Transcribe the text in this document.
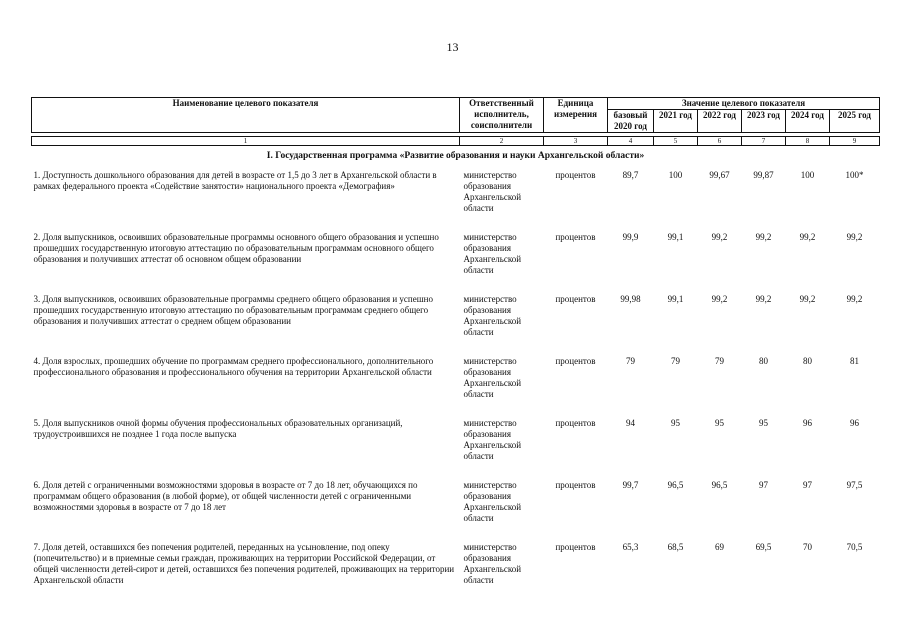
13
Наименование целевого показателя	Ответственный исполнитель, соисполнители	Единица измерения	Значение целевого показателя					
			базовый 2020 год	2021 год	2022 год	2023 год	2024 год	2025 год

1	2	3	4	5	6	7	8	9
I. Государственная программа «Развитие образования и науки Архангельской области»								
1. Доступность дошкольного образования для детей в возрасте от 1,5 до 3 лет в Архангельской области в рамках федерального проекта «Содействие занятости» национального проекта «Демография»	министерство образования Архангельской области	процентов	89,7	100	99,67	99,87	100	100*
2. Доля выпускников, освоивших образовательные программы основного общего образования и успешно прошедших государственную итоговую аттестацию по образовательным программам основного общего образования и получивших аттестат об основном общем образовании	министерство образования Архангельской области	процентов	99,9	99,1	99,2	99,2	99,2	99,2
3. Доля выпускников, освоивших образовательные программы среднего общего образования и успешно прошедших государственную итоговую аттестацию по образовательным программам среднего общего образования и получивших аттестат о среднем общем образовании	министерство образования Архангельской области	процентов	99,98	99,1	99,2	99,2	99,2	99,2
4. Доля взрослых, прошедших обучение по программам среднего профессионального, дополнительного профессионального образования и профессионального обучения на территории Архангельской области	министерство образования Архангельской области	процентов	79	79	79	80	80	81
5. Доля выпускников очной формы обучения профессиональных образовательных организаций, трудоустроившихся не позднее 1 года после выпуска	министерство образования Архангельской области	процентов	94	95	95	95	96	96
6. Доля детей с ограниченными возможностями здоровья в возрасте от 7 до 18 лет, обучающихся по программам общего образования (в любой форме), от общей численности детей с ограниченными возможностями здоровья в возрасте от 7 до 18 лет	министерство образования Архангельской области	процентов	99,7	96,5	96,5	97	97	97,5
7. Доля детей, оставшихся без попечения родителей, переданных на усыновление, под опеку (попечительство) и в приемные семьи граждан, проживающих на территории Российской Федерации, от общей численности детей-сирот и детей, оставшихся без попечения родителей, проживающих на территории Архангельской области	министерство образования Архангельской области	процентов	65,3	68,5	69	69,5	70	70,5
